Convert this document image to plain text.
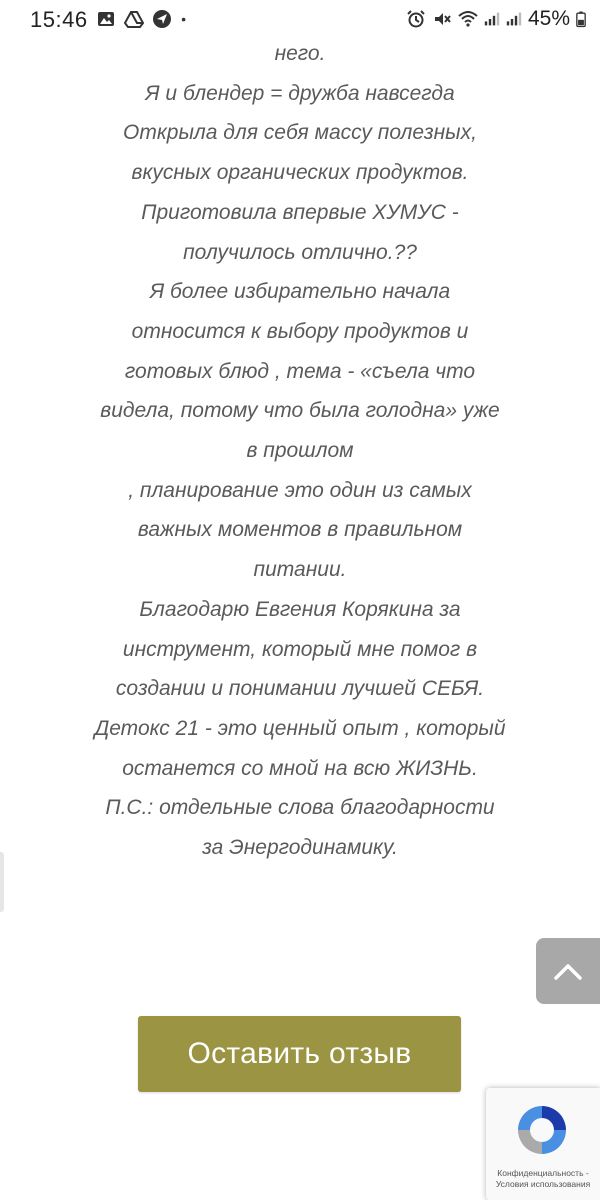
15:46	45%
него.
Я и блендер = дружба навсегда
Открыла для себя массу полезных,
вкусных органических продуктов.
Приготовила впервые ХУМУС -
получилось отлично.??
Я более избирательно начала
относится к выбору продуктов и
готовых блюд , тема - «съела что
видела, потому что была голодна» уже
в прошлом
, планирование это один из самых
важных моментов в правильном
питании.
Благодарю Евгения Корякина за
инструмент, который мне помог в
создании и понимании лучшей СЕБЯ.
Детокс 21 - это ценный опыт , который
останется со мной на всю ЖИЗНЬ.
П.С.: отдельные слова благодарности
за Энергодинамику.
Оставить отзыв
Конфиденциальность -
Условия использования
